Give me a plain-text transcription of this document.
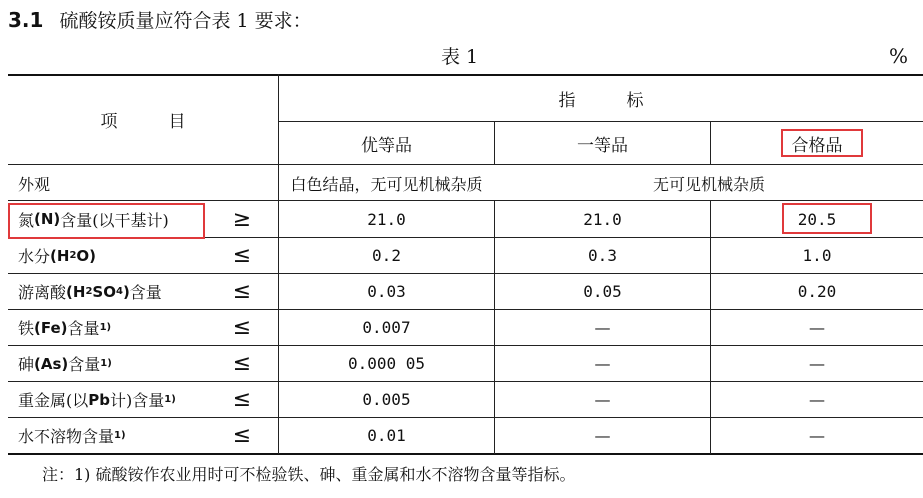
3.1 硫酸铵质量应符合表 1 要求：
表 1	%
项　　　目
指　　　标
优等品	一等品	合格品
外观	白色结晶，无可见机械杂质	无可见机械杂质
氮 (N) 含量(以干基计)	≥	21.0	21.0	20.5
水分 (H 2 O)	≤	0.2	0.3	1.0
游离酸 (H 2 SO 4 ) 含量	≤	0.03	0.05	0.20
铁 (Fe) 含量 1)	≤	0.007	—	—
砷 (As) 含量 1)	≤	0.000 05	—	—
重金属(以 Pb 计)含量 1)	≤	0.005	—	—
水不溶物含量 1)	≤	0.01	—	—
注：1) 硫酸铵作农业用时可不检验铁、砷、重金属和水不溶物含量等指标。
